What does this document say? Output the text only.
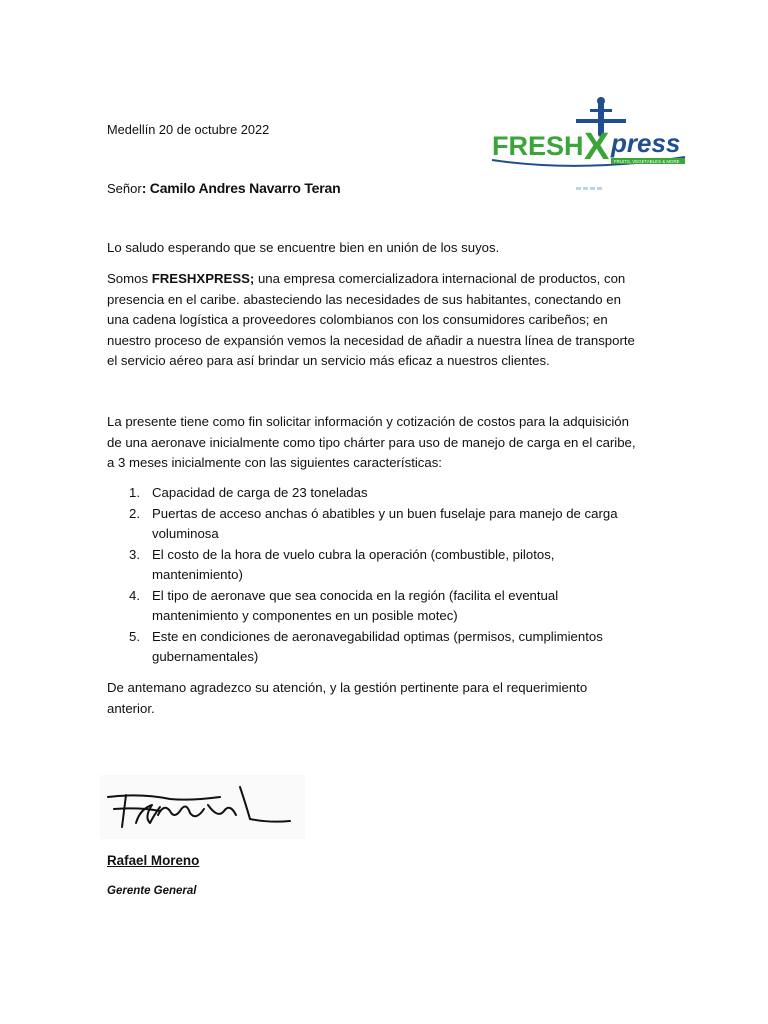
Medellín 20 de octubre 2022
FRESH X press
FRUITS, VEGETABLES & MORE
Señor: Camilo Andres Navarro Teran
Lo saludo esperando que se encuentre bien en unión de los suyos.
Somos FRESHXPRESS; una empresa comercializadora internacional de productos, con
presencia en el caribe. abasteciendo las necesidades de sus habitantes, conectando en
una cadena logística a proveedores colombianos con los consumidores caribeños; en
nuestro proceso de expansión vemos la necesidad de añadir a nuestra línea de transporte
el servicio aéreo para así brindar un servicio más eficaz a nuestros clientes.
La presente tiene como fin solicitar información y cotización de costos para la adquisición
de una aeronave inicialmente como tipo chárter para uso de manejo de carga en el caribe,
a 3 meses inicialmente con las siguientes características:
1. Capacidad de carga de 23 toneladas
2. Puertas de acceso anchas ó abatibles y un buen fuselaje para manejo de carga
voluminosa
3. El costo de la hora de vuelo cubra la operación (combustible, pilotos,
mantenimiento)
4. El tipo de aeronave que sea conocida en la región (facilita el eventual
mantenimiento y componentes en un posible motec)
5. Este en condiciones de aeronavegabilidad optimas (permisos, cumplimientos
gubernamentales)
De antemano agradezco su atención, y la gestión pertinente para el requerimiento
anterior.
Rafael Moreno
Gerente General
